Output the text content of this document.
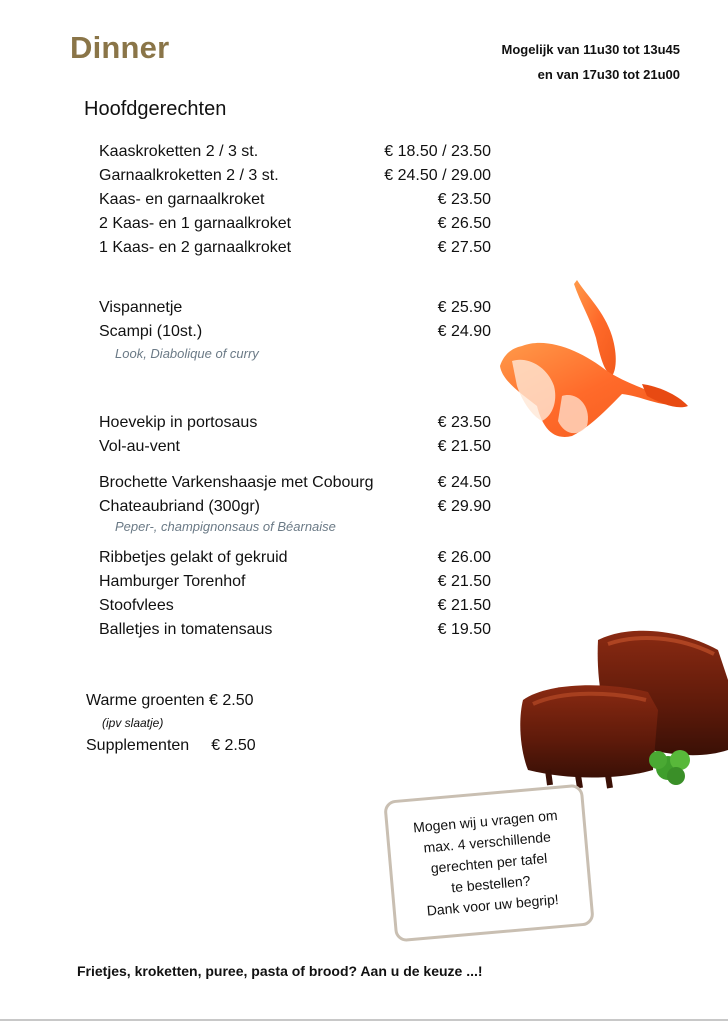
Dinner	Mogelijk van 11u30 tot 13u45
en van 17u30 tot 21u00
Hoofdgerechten
Kaaskroketten 2 / 3 st.	€ 18.50 / 23.50
Garnaalkroketten 2 / 3 st.	€ 24.50 / 29.00
Kaas- en garnaalkroket	€ 23.50
2 Kaas- en 1 garnaalkroket	€ 26.50
1 Kaas- en 2 garnaalkroket	€ 27.50
Vispannetje	€ 25.90
Scampi (10st.)	€ 24.90
Look, Diabolique of curry
Hoevekip in portosaus	€ 23.50
Vol-au-vent	€ 21.50
Brochette Varkenshaasje met Cobourg	€ 24.50
Chateaubriand (300gr)	€ 29.90
Peper-, champignonsaus of Béarnaise
Ribbetjes gelakt of gekruid	€ 26.00
Hamburger Torenhof	€ 21.50
Stoofvlees	€ 21.50
Balletjes in tomatensaus	€ 19.50
Warme groenten € 2.50
(ipv slaatje)
Supplementen € 2.50
Mogen wij u vragen om
max. 4 verschillende
gerechten per tafel
te bestellen?
Dank voor uw begrip!
Frietjes, kroketten, puree, pasta of brood? Aan u de keuze ...!
